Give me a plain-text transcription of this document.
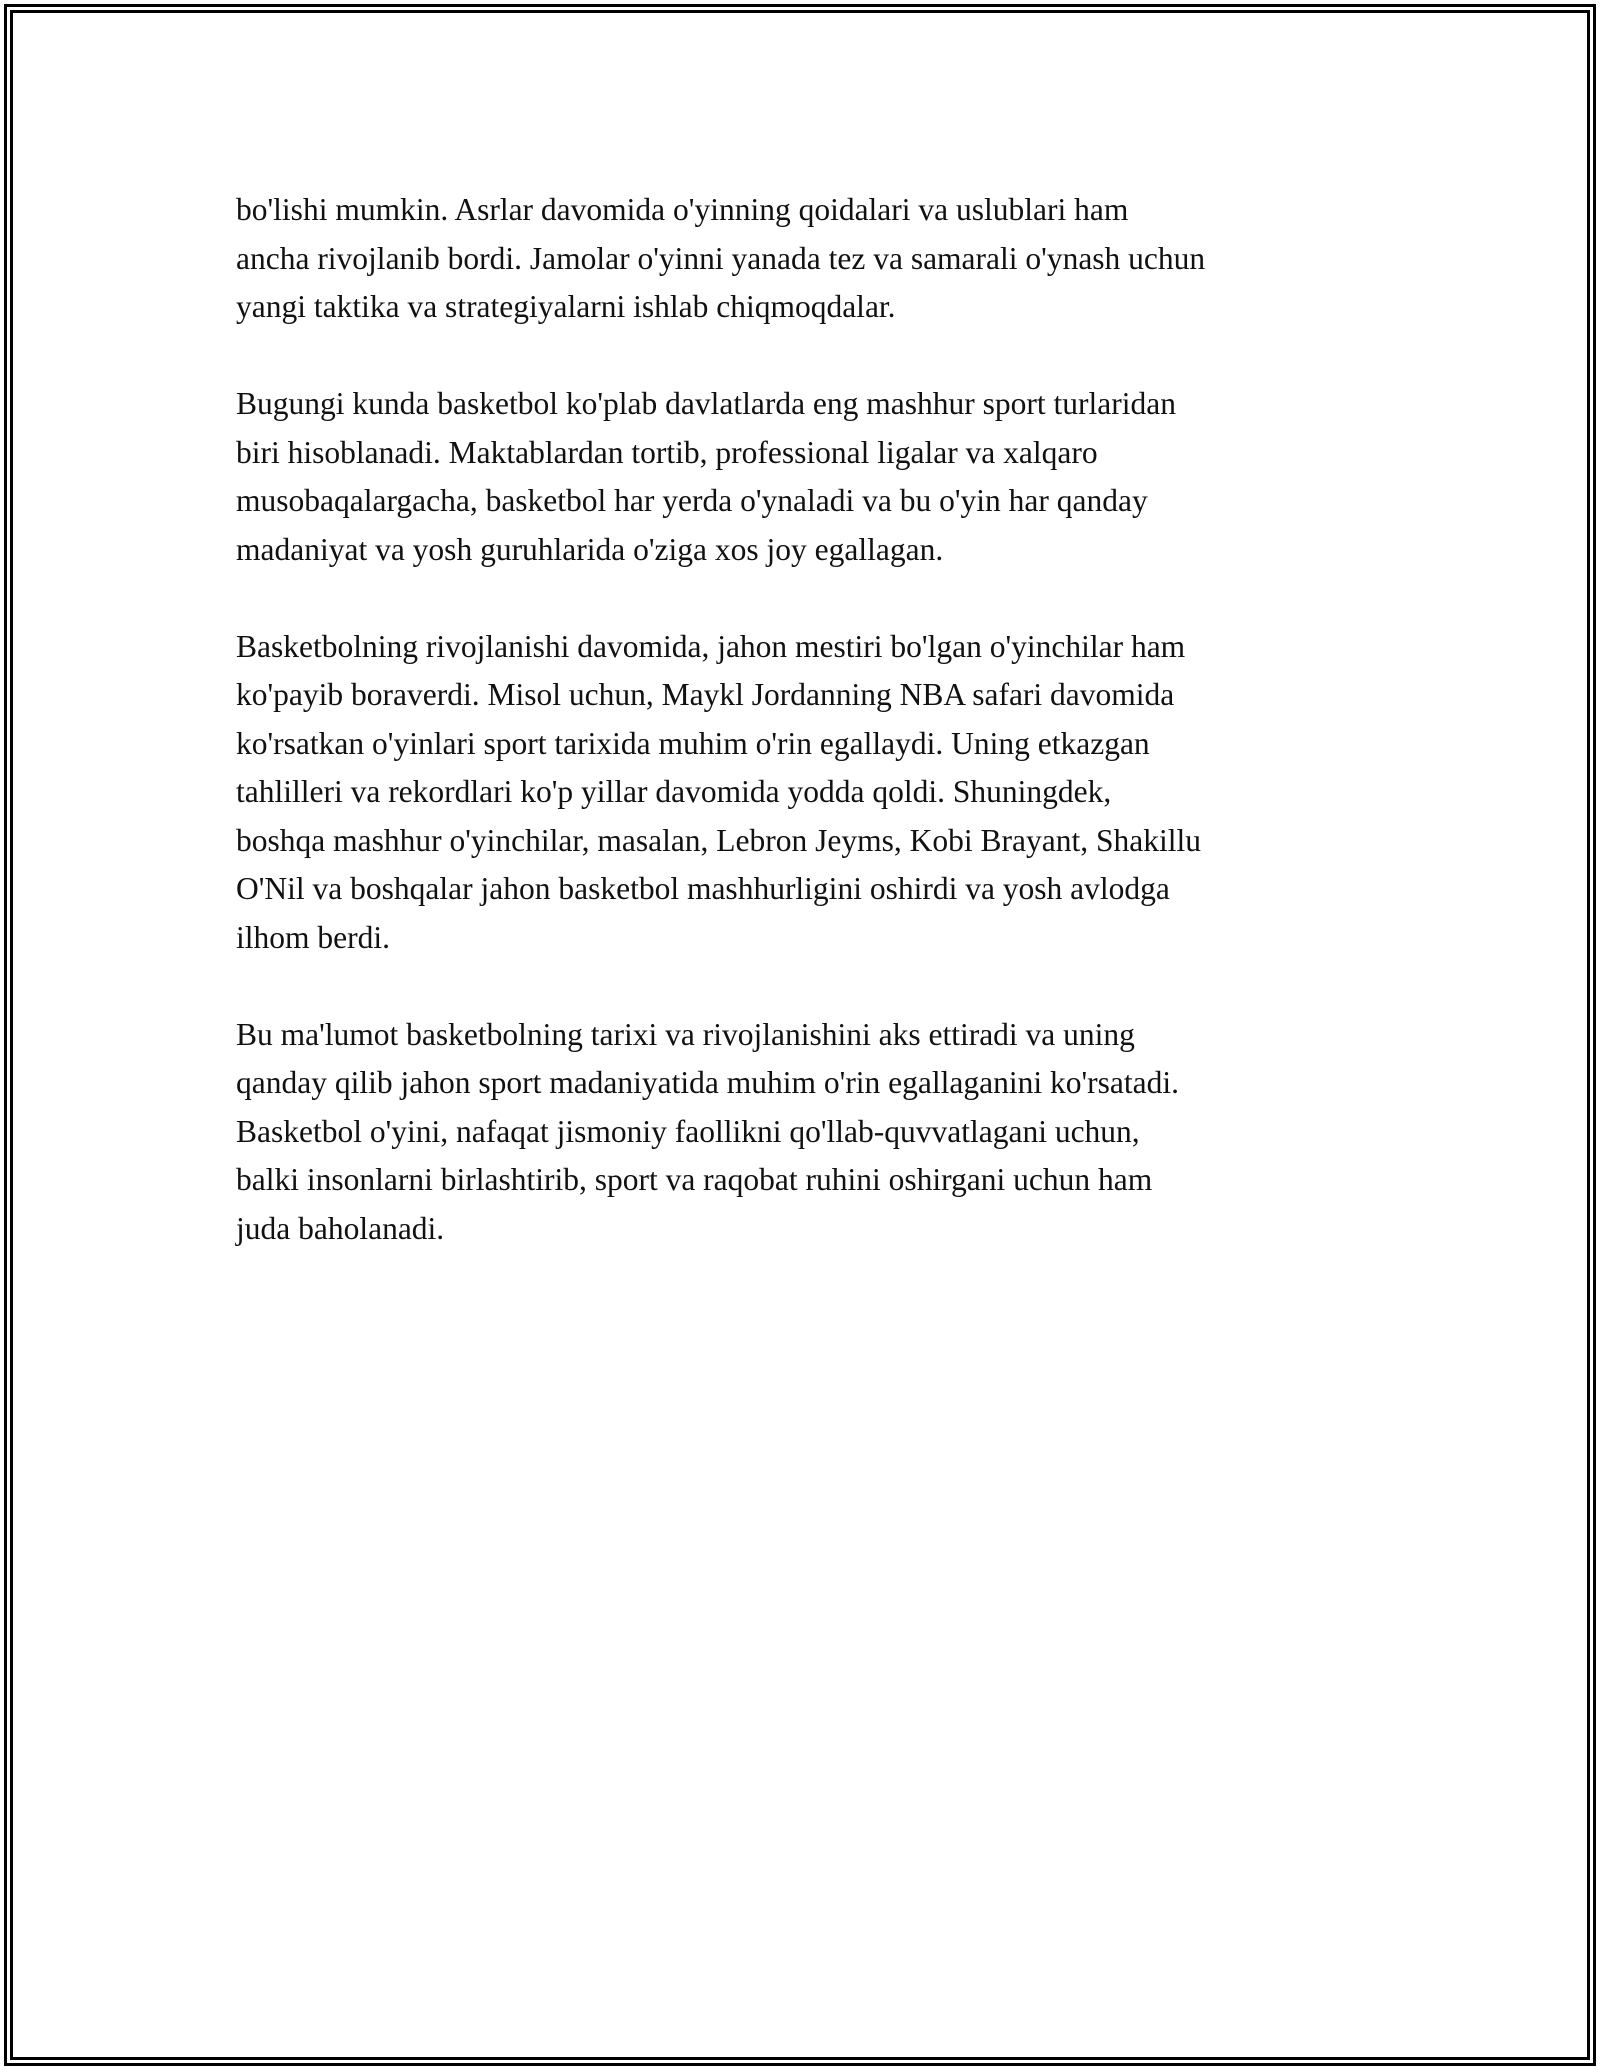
bo'lishi mumkin. Asrlar davomida o'yinning qoidalari va uslublari ham
ancha rivojlanib bordi. Jamolar o'yinni yanada tez va samarali o'ynash uchun
yangi taktika va strategiyalarni ishlab chiqmoqdalar.

Bugungi kunda basketbol ko'plab davlatlarda eng mashhur sport turlaridan
biri hisoblanadi. Maktablardan tortib, professional ligalar va xalqaro
musobaqalargacha, basketbol har yerda o'ynaladi va bu o'yin har qanday
madaniyat va yosh guruhlarida o'ziga xos joy egallagan.

Basketbolning rivojlanishi davomida, jahon mestiri bo'lgan o'yinchilar ham
ko'payib boraverdi. Misol uchun, Maykl Jordanning NBA safari davomida
ko'rsatkan o'yinlari sport tarixida muhim o'rin egallaydi. Uning etkazgan
tahlilleri va rekordlari ko'p yillar davomida yodda qoldi. Shuningdek,
boshqa mashhur o'yinchilar, masalan, Lebron Jeyms, Kobi Brayant, Shakillu
O'Nil va boshqalar jahon basketbol mashhurligini oshirdi va yosh avlodga
ilhom berdi.

Bu ma'lumot basketbolning tarixi va rivojlanishini aks ettiradi va uning
qanday qilib jahon sport madaniyatida muhim o'rin egallaganini ko'rsatadi.
Basketbol o'yini, nafaqat jismoniy faollikni qo'llab-quvvatlagani uchun,
balki insonlarni birlashtirib, sport va raqobat ruhini oshirgani uchun ham
juda baholanadi.
